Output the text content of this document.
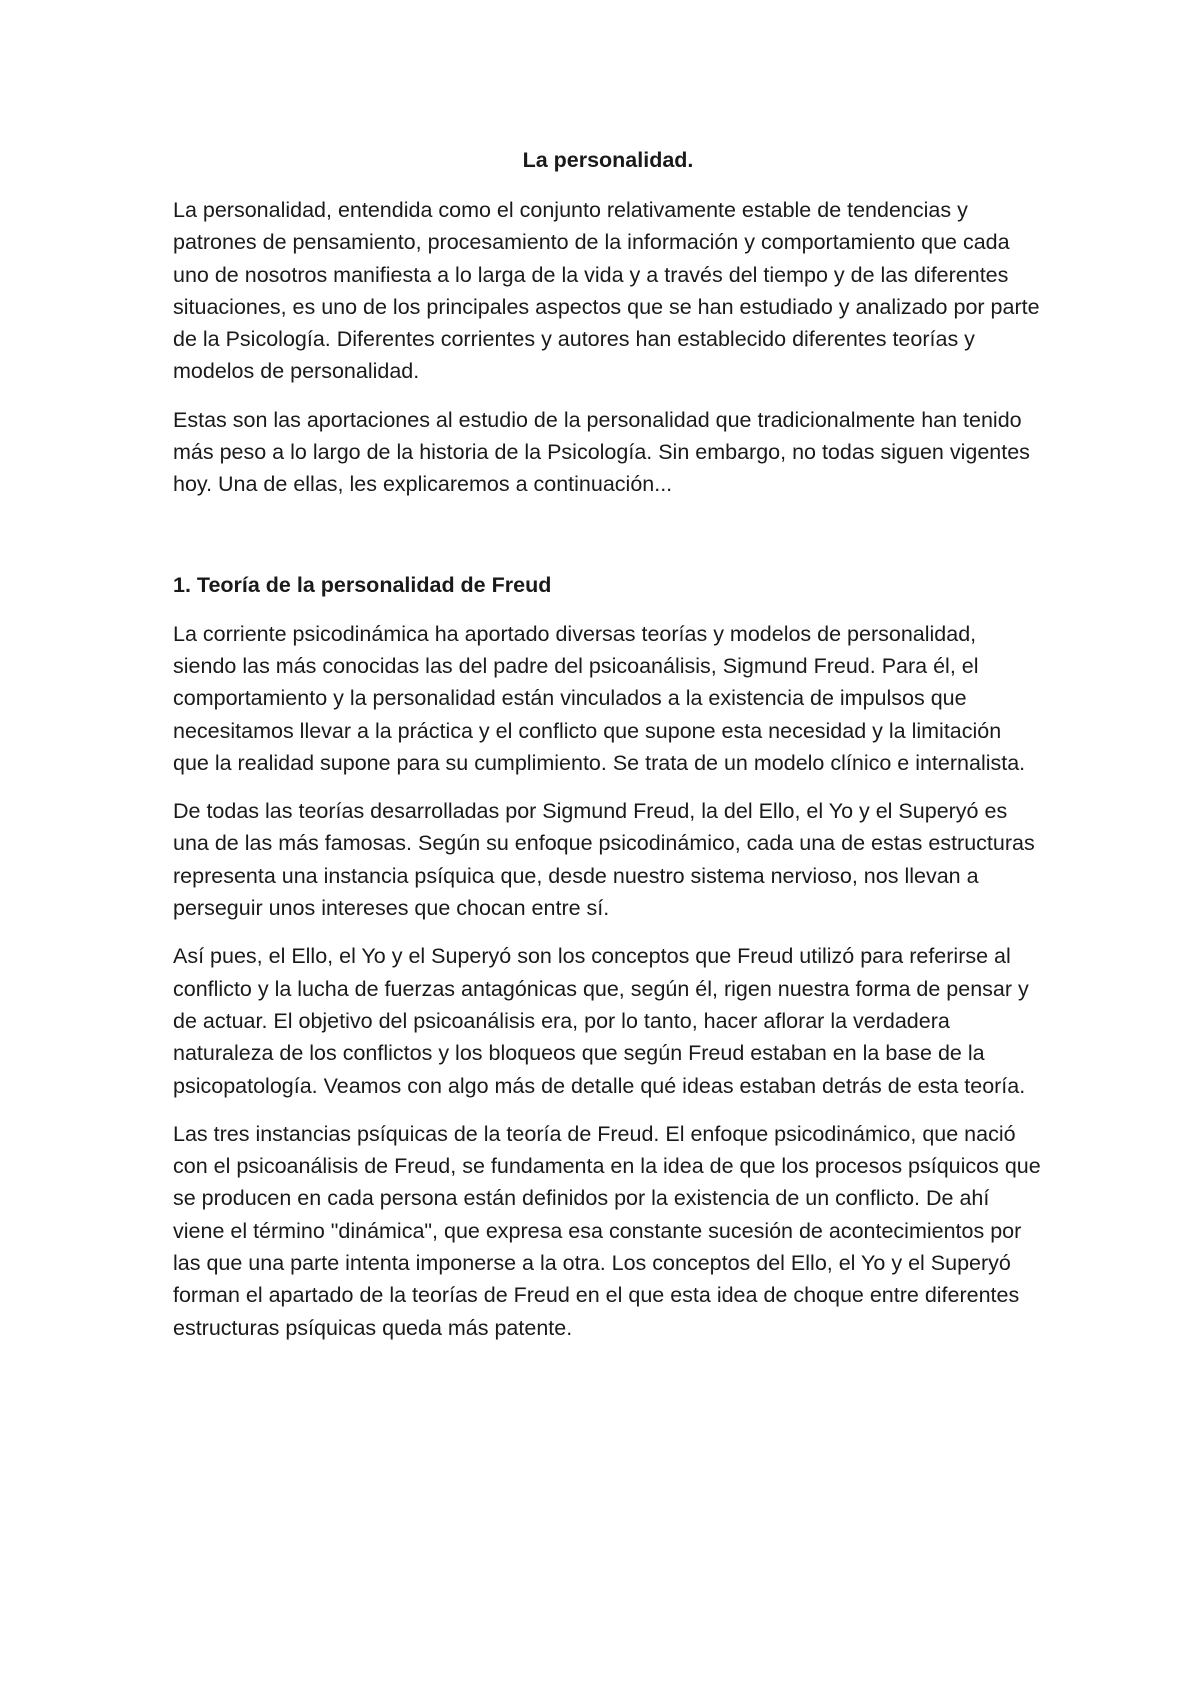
La personalidad.

La personalidad, entendida como el conjunto relativamente estable de tendencias y patrones de pensamiento, procesamiento de la información y comportamiento que cada uno de nosotros manifiesta a lo larga de la vida y a través del tiempo y de las diferentes situaciones, es uno de los principales aspectos que se han estudiado y analizado por parte de la Psicología. Diferentes corrientes y autores han establecido diferentes teorías y modelos de personalidad.

Estas son las aportaciones al estudio de la personalidad que tradicionalmente han tenido más peso a lo largo de la historia de la Psicología. Sin embargo, no todas siguen vigentes hoy. Una de ellas, les explicaremos a continuación...

1. Teoría de la personalidad de Freud

La corriente psicodinámica ha aportado diversas teorías y modelos de personalidad, siendo las más conocidas las del padre del psicoanálisis, Sigmund Freud. Para él, el comportamiento y la personalidad están vinculados a la existencia de impulsos que necesitamos llevar a la práctica y el conflicto que supone esta necesidad y la limitación que la realidad supone para su cumplimiento. Se trata de un modelo clínico e internalista.

De todas las teorías desarrolladas por Sigmund Freud, la del Ello, el Yo y el Superyó es una de las más famosas. Según su enfoque psicodinámico, cada una de estas estructuras representa una instancia psíquica que, desde nuestro sistema nervioso, nos llevan a perseguir unos intereses que chocan entre sí.

Así pues, el Ello, el Yo y el Superyó son los conceptos que Freud utilizó para referirse al conflicto y la lucha de fuerzas antagónicas que, según él, rigen nuestra forma de pensar y de actuar. El objetivo del psicoanálisis era, por lo tanto, hacer aflorar la verdadera naturaleza de los conflictos y los bloqueos que según Freud estaban en la base de la psicopatología. Veamos con algo más de detalle qué ideas estaban detrás de esta teoría.

Las tres instancias psíquicas de la teoría de Freud. El enfoque psicodinámico, que nació con el psicoanálisis de Freud, se fundamenta en la idea de que los procesos psíquicos que se producen en cada persona están definidos por la existencia de un conflicto. De ahí viene el término "dinámica", que expresa esa constante sucesión de acontecimientos por las que una parte intenta imponerse a la otra. Los conceptos del Ello, el Yo y el Superyó forman el apartado de la teorías de Freud en el que esta idea de choque entre diferentes estructuras psíquicas queda más patente.
